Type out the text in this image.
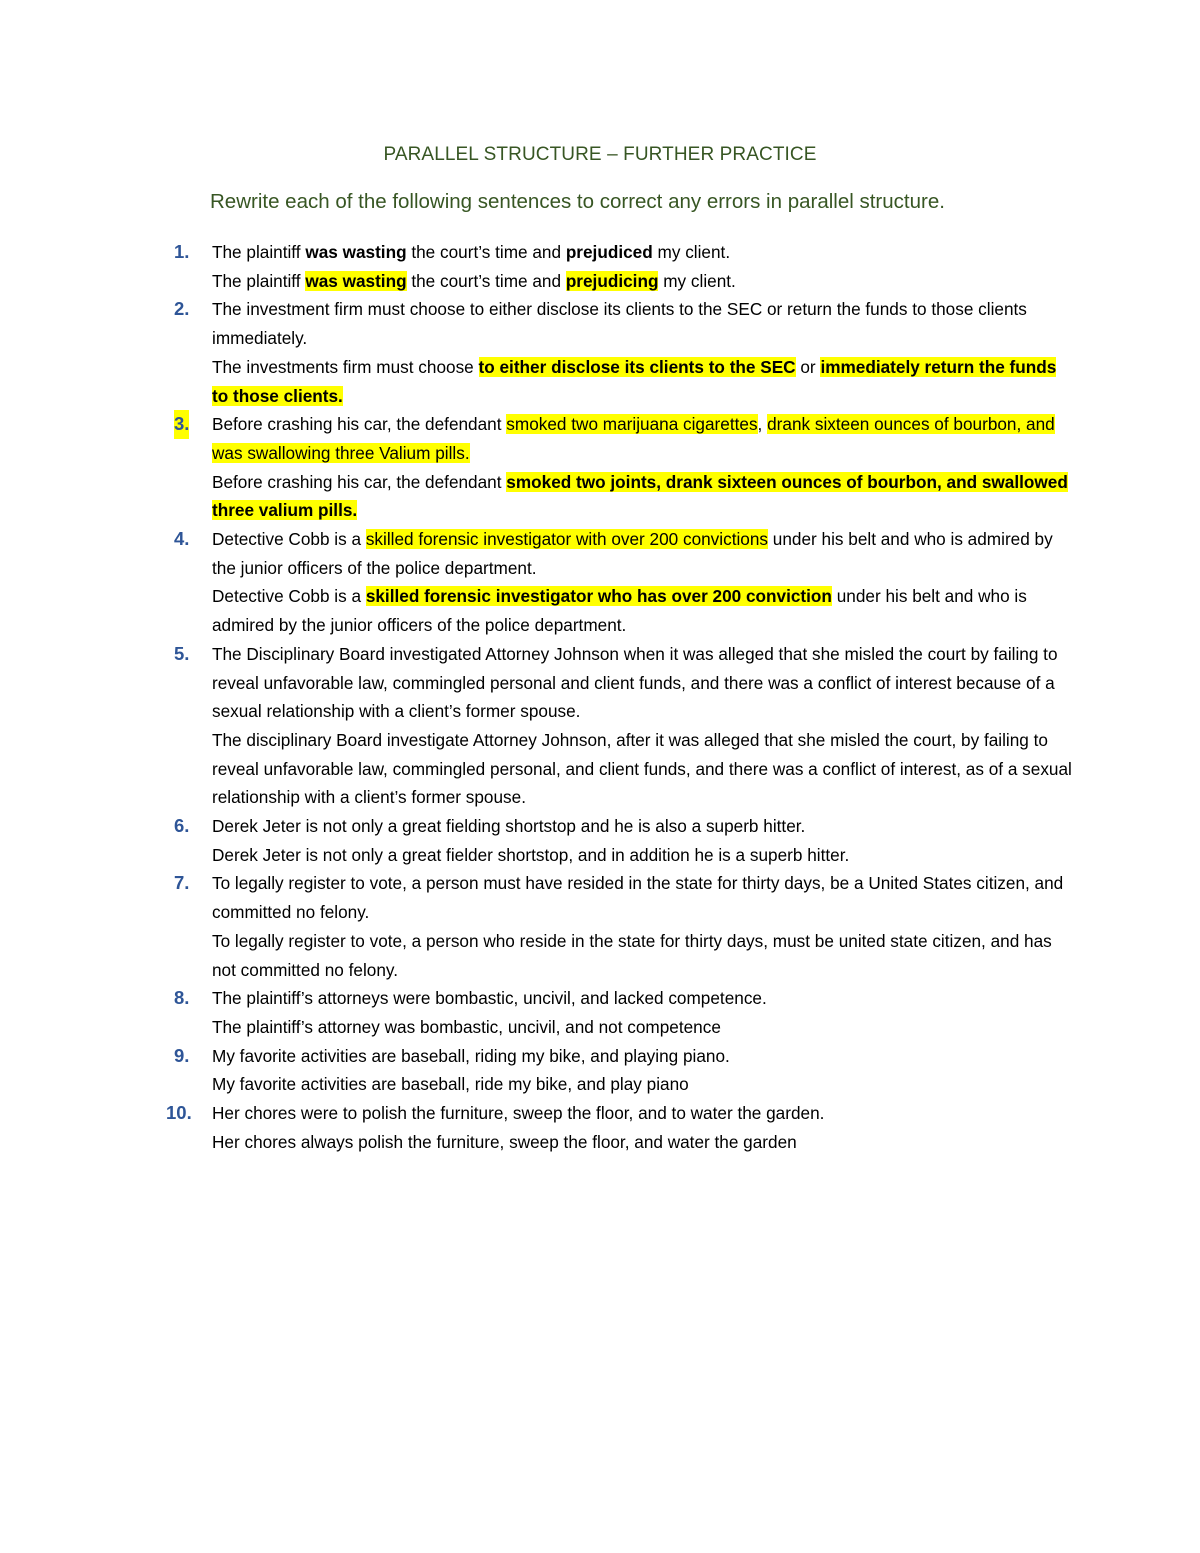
PARALLEL STRUCTURE – FURTHER PRACTICE
Rewrite each of the following sentences to correct any errors in parallel structure.
1. The plaintiff was wasting the court’s time and prejudiced my client.
The plaintiff was wasting the court’s time and prejudicing my client.
2. The investment firm must choose to either disclose its clients to the SEC or return the funds to those clients immediately.
The investments firm must choose to either disclose its clients to the SEC or immediately return the funds to those clients.
3. Before crashing his car, the defendant smoked two marijuana cigarettes, drank sixteen ounces of bourbon, and was swallowing three Valium pills.
Before crashing his car, the defendant smoked two joints, drank sixteen ounces of bourbon, and swallowed three valium pills.
4. Detective Cobb is a skilled forensic investigator with over 200 convictions under his belt and who is admired by the junior officers of the police department.
Detective Cobb is a skilled forensic investigator who has over 200 conviction under his belt and who is admired by the junior officers of the police department.
5. The Disciplinary Board investigated Attorney Johnson when it was alleged that she misled the court by failing to reveal unfavorable law, commingled personal and client funds, and there was a conflict of interest because of a sexual relationship with a client’s former spouse.
The disciplinary Board investigate Attorney Johnson, after it was alleged that she misled the court, by failing to reveal unfavorable law, commingled personal, and client funds, and there was a conflict of interest, as of a sexual relationship with a client’s former spouse.
6. Derek Jeter is not only a great fielding shortstop and he is also a superb hitter.
Derek Jeter is not only a great fielder shortstop, and in addition he is a superb hitter.
7. To legally register to vote, a person must have resided in the state for thirty days, be a United States citizen, and committed no felony.
To legally register to vote, a person who reside in the state for thirty days, must be united state citizen, and has not committed no felony.
8. The plaintiff’s attorneys were bombastic, uncivil, and lacked competence.
The plaintiff’s attorney was bombastic, uncivil, and not competence
9. My favorite activities are baseball, riding my bike, and playing piano.
My favorite activities are baseball, ride my bike, and play piano
10. Her chores were to polish the furniture, sweep the floor, and to water the garden.
Her chores always polish the furniture, sweep the floor, and water the garden
